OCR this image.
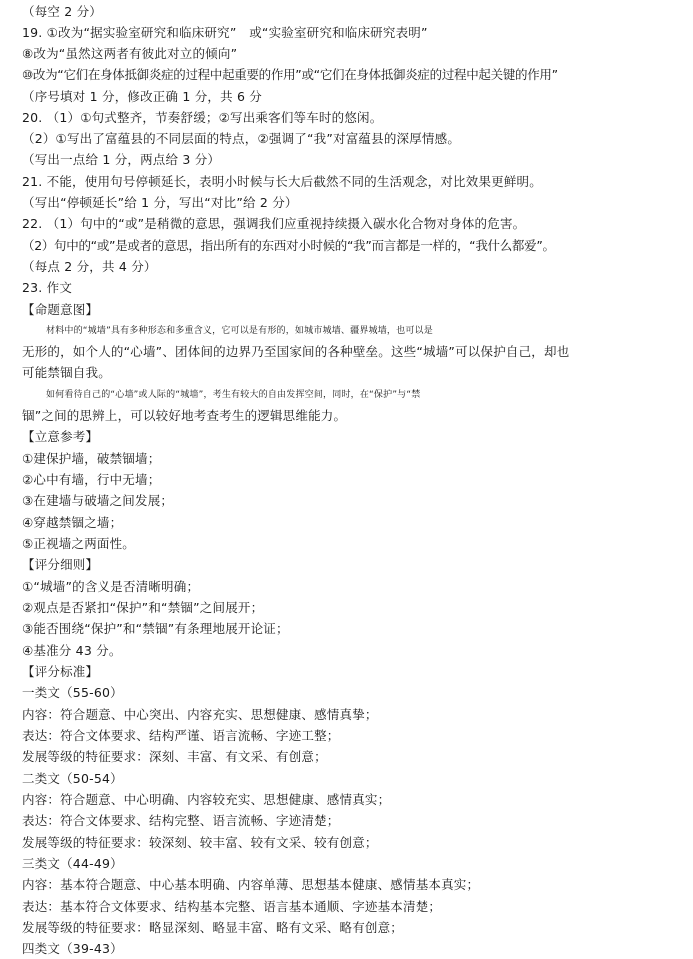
（每空 2 分）
19. ①改为“据实验室研究和临床研究”　或“实验室研究和临床研究表明”
⑧改为“虽然这两者有彼此对立的倾向”
⑩改为“它们在身体抵御炎症的过程中起重要的作用”或“它们在身体抵御炎症的过程中起关键的作用”
（序号填对 1 分，修改正确 1 分，共 6 分
20. （1）①句式整齐，节奏舒缓；②写出乘客们等车时的悠闲。
（2）①写出了富蕴县的不同层面的特点，②强调了“我”对富蕴县的深厚情感。
（写出一点给 1 分，两点给 3 分）
21. 不能，使用句号停顿延长，表明小时候与长大后截然不同的生活观念，对比效果更鲜明。
（写出“停顿延长”给 1 分，写出“对比”给 2 分）
22. （1）句中的“或”是稍微的意思，强调我们应重视持续摄入碳水化合物对身体的危害。
（2）句中的“或”是或者的意思，指出所有的东西对小时候的“我”而言都是一样的，“我什么都爱”。
（每点 2 分，共 4 分）
23. 作文
【命题意图】
材料中的“城墙”具有多种形态和多重含义，它可以是有形的，如城市城墙、疆界城墙，也可以是
无形的，如个人的“心墙”、团体间的边界乃至国家间的各种壁垒。这些“城墙”可以保护自己，却也
可能禁锢自我。
如何看待自己的“心墙”或人际的“城墙”，考生有较大的自由发挥空间，同时，在“保护”与“禁
锢”之间的思辨上，可以较好地考查考生的逻辑思维能力。
【立意参考】
①建保护墙，破禁锢墙；
②心中有墙，行中无墙；
③在建墙与破墙之间发展；
④穿越禁锢之墙；
⑤正视墙之两面性。
【评分细则】
①“城墙”的含义是否清晰明确；
②观点是否紧扣“保护”和“禁锢”之间展开；
③能否围绕“保护”和“禁锢”有条理地展开论证；
④基准分 43 分。
【评分标准】
一类文（55-60）
内容：符合题意、中心突出、内容充实、思想健康、感情真挚；
表达：符合文体要求、结构严谨、语言流畅、字迹工整；
发展等级的特征要求：深刻、丰富、有文采、有创意；
二类文（50-54）
内容：符合题意、中心明确、内容较充实、思想健康、感情真实；
表达：符合文体要求、结构完整、语言流畅、字迹清楚；
发展等级的特征要求：较深刻、较丰富、较有文采、较有创意；
三类文（44-49）
内容：基本符合题意、中心基本明确、内容单薄、思想基本健康、感情基本真实；
表达：基本符合文体要求、结构基本完整、语言基本通顺、字迹基本清楚；
发展等级的特征要求：略显深刻、略显丰富、略有文采、略有创意；
四类文（39-43）
